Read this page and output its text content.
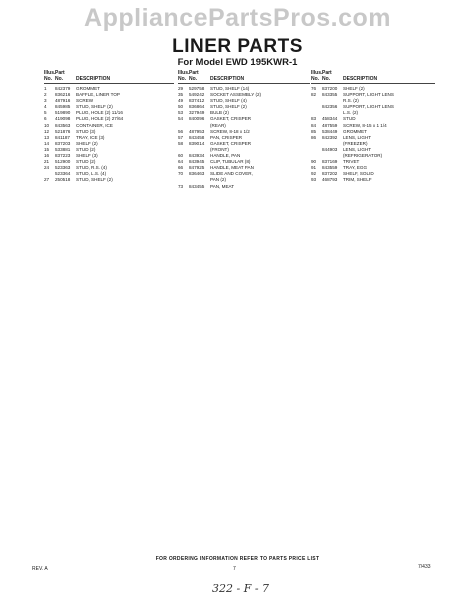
AppliancePartsPros.com
LINER PARTS
For Model EWD 195KWR-1
Illus. Part
No. No.	DESCRIPTION
1	842379	GROMMET
2	836216	BAFFLE, LINER TOP
3	487916	SCREW
4	845985	STUD, SHELF (2)
5	519890	PLUG, HOLE (2) 11/16
6	419098	PLUG, HOLE (2) 27/64
10	843563	CONTAINER, ICE
12	521876	STUD (3)
13	841187	TRAY, ICE (3)
14	837203	SHELF (2)
15	533881	STUD (2)
16	837223	SHELF (3)
21	512900	STUD (2)
24	523363	STUD, R.S. (4)
523364	STUD, L.S. (4)
27	250518	STUD, SHELF (2)
Illus. Part
No. No.	DESCRIPTION
29	529758	STUD, SHELF (14)
35	549242	SOCKET ASSEMBLY (2)
49	837412	STUD, SHELF (4)
50	836864	STUD, SHELF (2)
53	327949	BULB (2)
54	840096	GASKET, CRISPER
(REAR)
56	487953	SCREW, 8-18 x 1/2
57	843458	PAN, CRISPER
58	839014	GASKET, CRISPER
(FRONT)
60	843934	HANDLE, PAN
64	843945	CLIP, TUBULAR (8)
66	847925	HANDLE, MEAT PAN
70	836463	SLIDE AND COVER,
PAN (2)
73	843455	PAN, MEAT
Illus. Part
No. No.	DESCRIPTION
76	837200	SHELF (2)
82	843355	SUPPORT, LIGHT LENS
R.S. (2)
842356	SUPPORT, LIGHT LENS
L.S. (2)
83	458344	STUD
84	487559	SCREW, 8-15 x 1 1/4
85	538449	GROMMET
86	842392	LENS, LIGHT
(FREEZER)
844903	LENS, LIGHT
(REFRIGERATOR)
90	837169	TRIVET
91	843559	TRAY, EGG
92	837202	SHELF, SOLID
93	468793	TRIM, SHELF
FOR ORDERING INFORMATION REFER TO PARTS PRICE LIST
REV. A	7	7/433
322 - F - 7
